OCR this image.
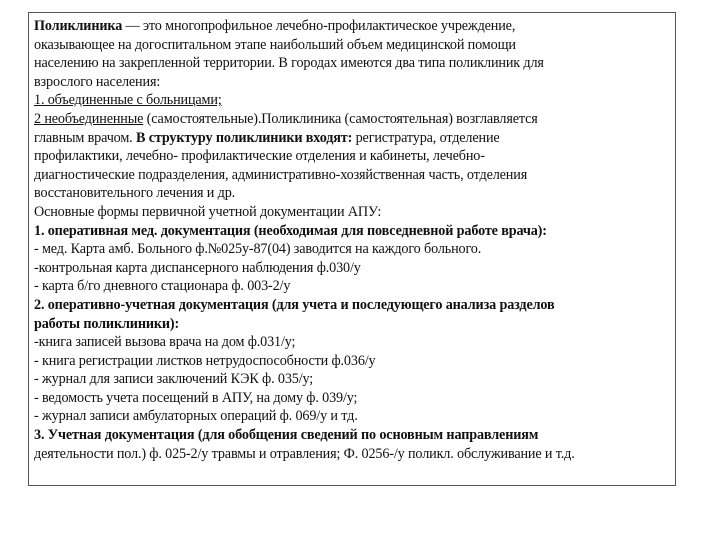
Поликлиника — это многопрофильное лечебно-профилактическое учреждение,
оказывающее на догоспитальном этапе наибольший объем медицинской помощи
населению на закрепленной территории. В городах имеются два типа поликлиник для
взрослого населения:
1. объединенные с больницами;
2 необъединенные (самостоятельные).Поликлиника (самостоятельная) возглавляется
главным врачом. В структуру поликлиники входят: регистратура, отделение
профилактики, лечебно- профилактические отделения и кабинеты, лечебно-
диагностические подразделения, административно-хозяйственная часть, отделения
восстановительного лечения и др.
Основные формы первичной учетной документации АПУ:
1. оперативная мед. документация (необходимая для повседневной работе врача):
- мед. Карта амб. Больного ф.№025у-87(04) заводится на каждого больного.
-контрольная карта диспансерного наблюдения ф.030/у
- карта б/го дневного стационара ф. 003-2/у
2. оперативно-учетная документация (для учета и последующего анализа разделов
работы поликлиники):
-книга записей вызова врача на дом ф.031/у;
- книга регистрации листков нетрудоспособности ф.036/у
- журнал для записи заключений КЭК ф. 035/у;
- ведомость учета посещений в АПУ, на дому ф. 039/у;
- журнал записи амбулаторных операций ф. 069/у и тд.
3. Учетная документация (для обобщения сведений по основным направлениям
деятельности пол.) ф. 025-2/у травмы и отравления; Ф. 0256-/у поликл. обслуживание и т.д.
